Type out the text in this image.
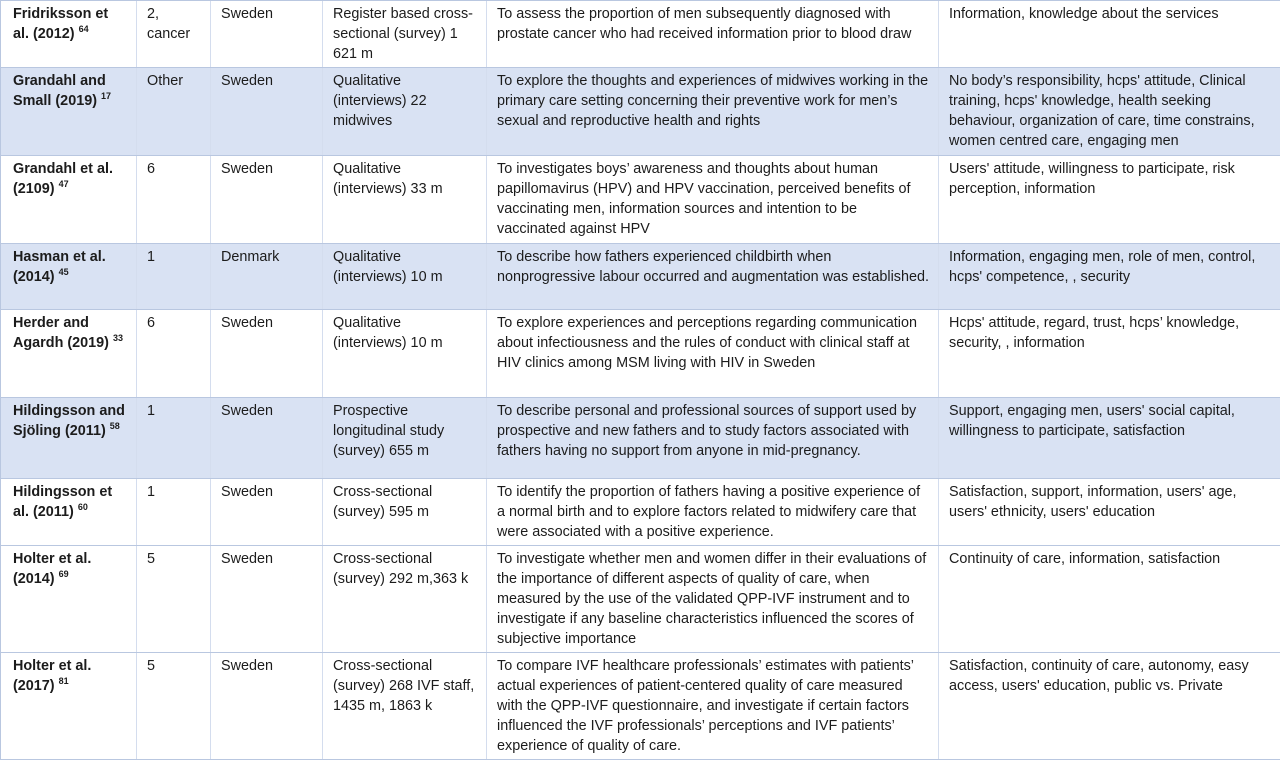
Fridriksson et al. (2012) $^{64}$	2, cancer	Sweden	Register based cross-sectional (survey) 1 621 m	To assess the proportion of men subsequently diagnosed with prostate cancer who had received information prior to blood draw	Information, knowledge about the services
Grandahl and Small (2019) $^{17}$	Other	Sweden	Qualitative (interviews) 22 midwives	To explore the thoughts and experiences of midwives working in the primary care setting concerning their preventive work for men’s sexual and reproductive health and rights	No body’s responsibility, hcps' attitude, Clinical training, hcps' knowledge, health seeking behaviour, organization of care, time constrains, women centred care, engaging men
Grandahl et al. (2109) $^{47}$	6	Sweden	Qualitative (interviews) 33 m	To investigates boys’ awareness and thoughts about human papillomavirus (HPV) and HPV vaccination, perceived benefits of vaccinating men, information sources and intention to be vaccinated against HPV	Users' attitude, willingness to participate, risk perception, information
Hasman et al. (2014) $^{45}$	1	Denmark	Qualitative (interviews) 10 m	To describe how fathers experienced childbirth when nonprogressive labour occurred and augmentation was established.	Information, engaging men, role of men, control, hcps' competence, , security
Herder and Agardh (2019) $^{33}$	6	Sweden	Qualitative (interviews) 10 m	To explore experiences and perceptions regarding communication about infectiousness and the rules of conduct with clinical staff at HIV clinics among MSM living with HIV in Sweden	Hcps' attitude, regard, trust, hcps’ knowledge, security, , information
Hildingsson and Sjöling (2011) $^{58}$	1	Sweden	Prospective longitudinal study (survey) 655 m	To describe personal and professional sources of support used by prospective and new fathers and to study factors associated with fathers having no support from anyone in mid-pregnancy.	Support, engaging men, users' social capital, willingness to participate, satisfaction
Hildingsson et al. (2011) $^{60}$	1	Sweden	Cross-sectional (survey) 595 m	To identify the proportion of fathers having a positive experience of a normal birth and to explore factors related to midwifery care that were associated with a positive experience.	Satisfaction, support, information, users' age, users' ethnicity, users' education
Holter et al. (2014) $^{69}$	5	Sweden	Cross-sectional (survey) 292 m,363 k	To investigate whether men and women differ in their evaluations of the importance of different aspects of quality of care, when measured by the use of the validated QPP-IVF instrument and to investigate if any baseline characteristics influenced the scores of subjective importance	Continuity of care, information, satisfaction
Holter et al. (2017) $^{81}$	5	Sweden	Cross-sectional (survey) 268 IVF staff, 1435 m, 1863 k	To compare IVF healthcare professionals’ estimates with patients’ actual experiences of patient-centered quality of care measured with the QPP-IVF questionnaire, and investigate if certain factors influenced the IVF professionals’ perceptions and IVF patients’ experience of quality of care.	Satisfaction, continuity of care, autonomy, easy access, users' education, public vs. Private
